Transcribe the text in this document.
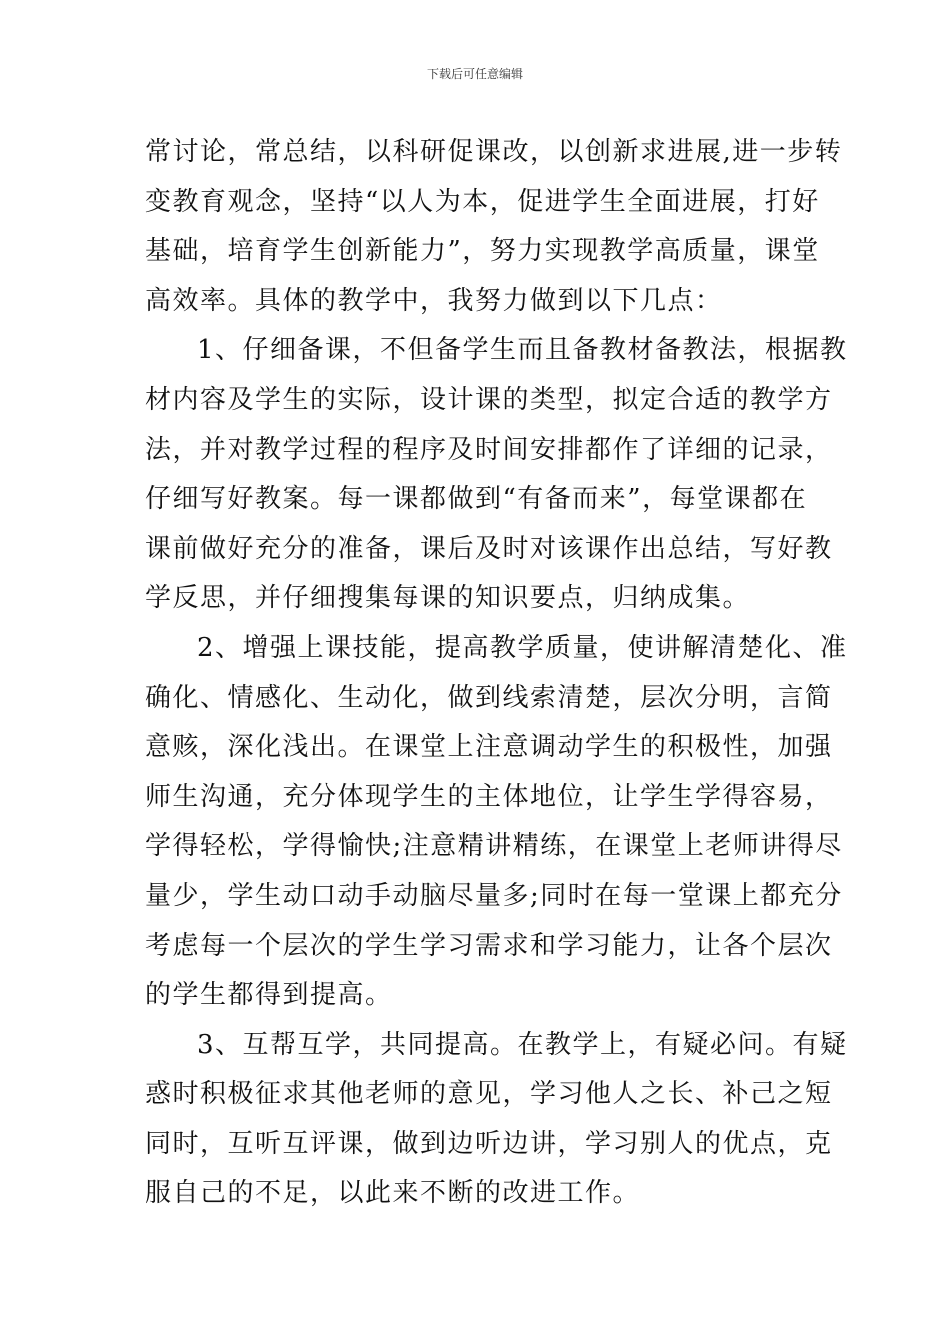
下载后可任意编辑
常讨论，常总结，以科研促课改，以创新求进展,进一步转
变教育观念，坚持“以人为本，促进学生全面进展，打好
基础，培育学生创新能力”，努力实现教学高质量，课堂
高效率。具体的教学中，我努力做到以下几点：
1、仔细备课，不但备学生而且备教材备教法，根据教
材内容及学生的实际，设计课的类型，拟定合适的教学方
法，并对教学过程的程序及时间安排都作了详细的记录，
仔细写好教案。每一课都做到“有备而来”，每堂课都在
课前做好充分的准备，课后及时对该课作出总结，写好教
学反思，并仔细搜集每课的知识要点，归纳成集。
2、增强上课技能，提高教学质量，使讲解清楚化、准
确化、情感化、生动化，做到线索清楚，层次分明，言简
意赅，深化浅出。在课堂上注意调动学生的积极性，加强
师生沟通，充分体现学生的主体地位，让学生学得容易，
学得轻松，学得愉快;注意精讲精练，在课堂上老师讲得尽
量少，学生动口动手动脑尽量多;同时在每一堂课上都充分
考虑每一个层次的学生学习需求和学习能力，让各个层次
的学生都得到提高。
3、互帮互学，共同提高。在教学上，有疑必问。有疑
惑时积极征求其他老师的意见，学习他人之长、补己之短
同时，互听互评课，做到边听边讲，学习别人的优点，克
服自己的不足，以此来不断的改进工作。
